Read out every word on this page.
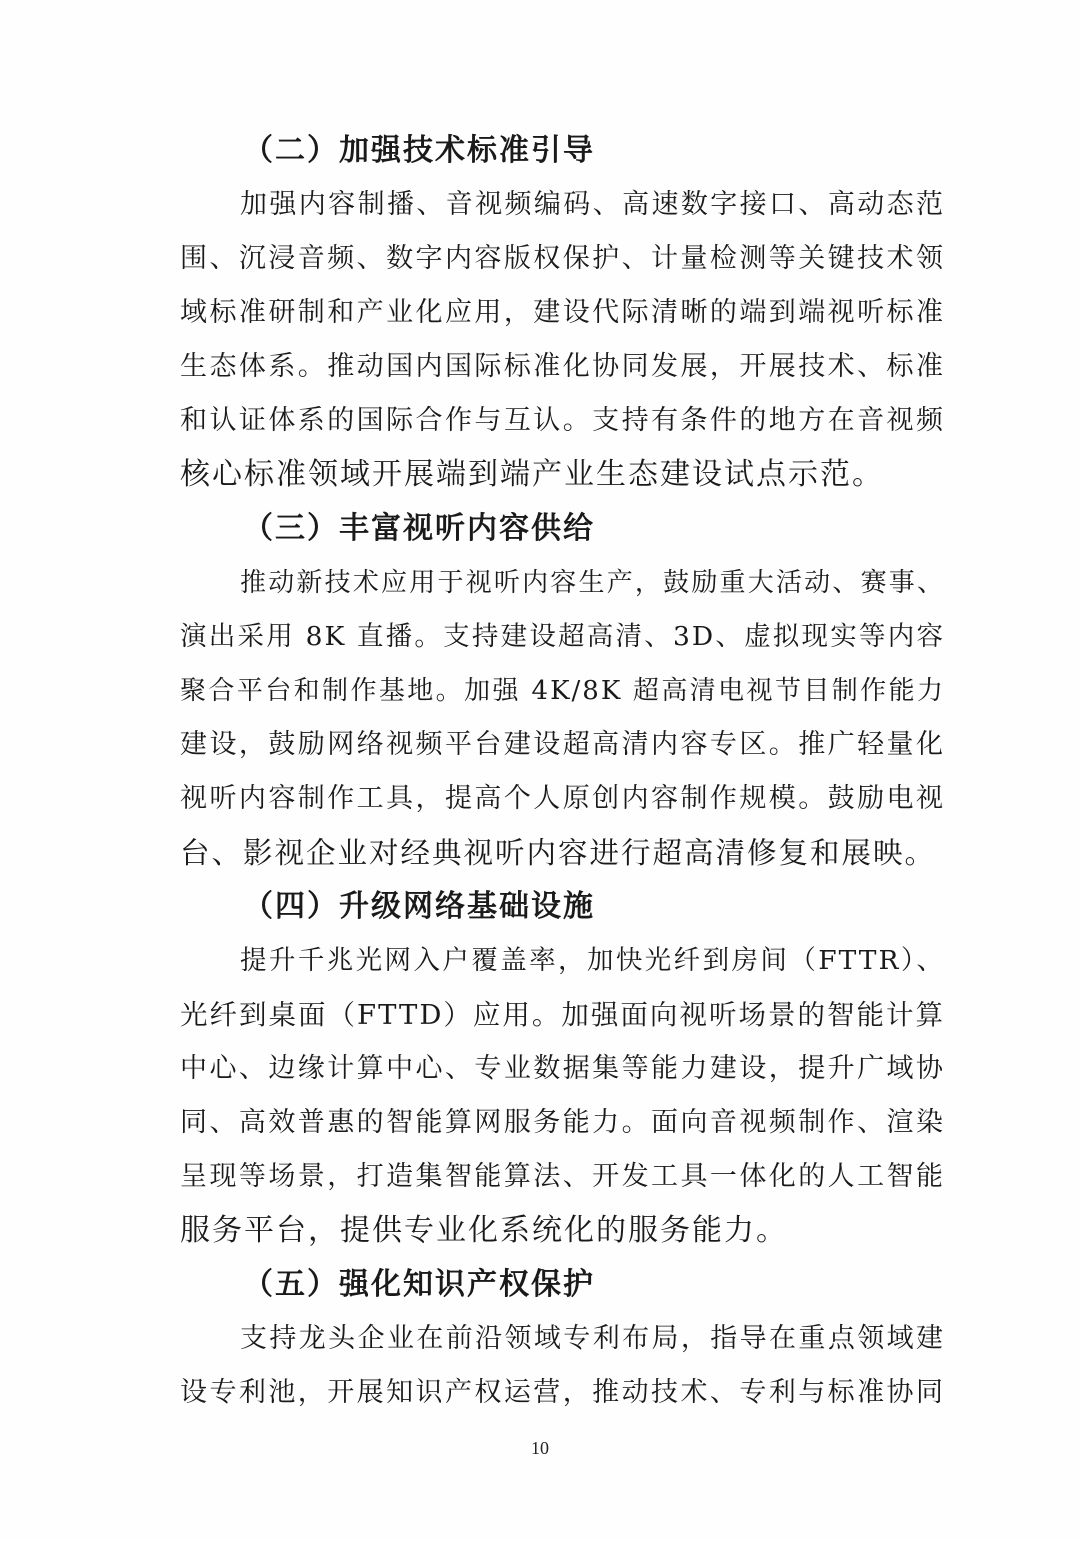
（二）加强技术标准引导
加强内容制播、音视频编码、高速数字接口、高动态范
围、沉浸音频、数字内容版权保护、计量检测等关键技术领
域标准研制和产业化应用，建设代际清晰的端到端视听标准
生态体系。推动国内国际标准化协同发展，开展技术、标准
和认证体系的国际合作与互认。支持有条件的地方在音视频
核心标准领域开展端到端产业生态建设试点示范。
（三）丰富视听内容供给
推动新技术应用于视听内容生产，鼓励重大活动、赛事、
演出采用 8K 直播。支持建设超高清、3D、虚拟现实等内容
聚合平台和制作基地。加强 4K/8K 超高清电视节目制作能力
建设，鼓励网络视频平台建设超高清内容专区。推广轻量化
视听内容制作工具，提高个人原创内容制作规模。鼓励电视
台、影视企业对经典视听内容进行超高清修复和展映。
（四）升级网络基础设施
提升千兆光网入户覆盖率，加快光纤到房间（FTTR）、
光纤到桌面（FTTD）应用。加强面向视听场景的智能计算
中心、边缘计算中心、专业数据集等能力建设，提升广域协
同、高效普惠的智能算网服务能力。面向音视频制作、渲染
呈现等场景，打造集智能算法、开发工具一体化的人工智能
服务平台，提供专业化系统化的服务能力。
（五）强化知识产权保护
支持龙头企业在前沿领域专利布局，指导在重点领域建
设专利池，开展知识产权运营，推动技术、专利与标准协同
10
